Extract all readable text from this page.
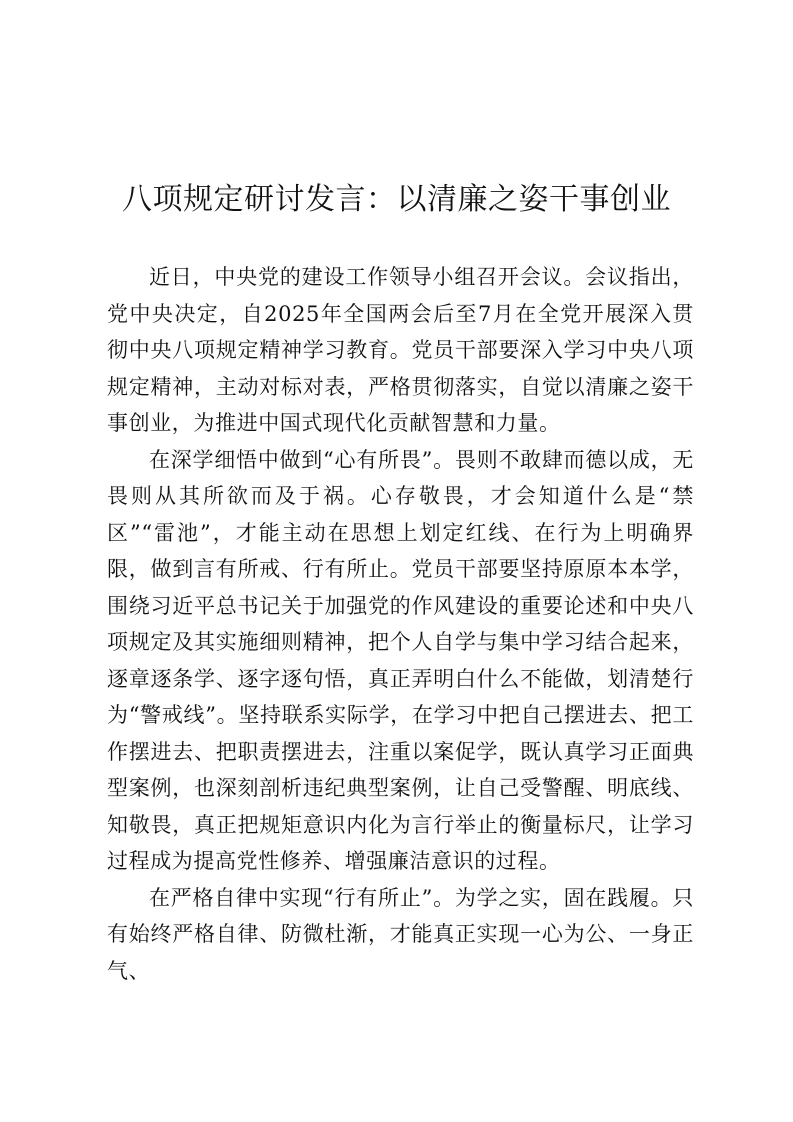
八项规定研讨发言：以清廉之姿干事创业

近日，中央党的建设工作领导小组召开会议。会议指出，党中央决定，自2025年全国两会后至7月在全党开展深入贯彻中央八项规定精神学习教育。党员干部要深入学习中央八项规定精神，主动对标对表，严格贯彻落实，自觉以清廉之姿干事创业，为推进中国式现代化贡献智慧和力量。

在深学细悟中做到“心有所畏”。畏则不敢肆而德以成，无畏则从其所欲而及于祸。心存敬畏，才会知道什么是“禁区”“雷池”，才能主动在思想上划定红线、在行为上明确界限，做到言有所戒、行有所止。党员干部要坚持原原本本学，围绕习近平总书记关于加强党的作风建设的重要论述和中央八项规定及其实施细则精神，把个人自学与集中学习结合起来，逐章逐条学、逐字逐句悟，真正弄明白什么不能做，划清楚行为“警戒线”。坚持联系实际学，在学习中把自己摆进去、把工作摆进去、把职责摆进去，注重以案促学，既认真学习正面典型案例，也深刻剖析违纪典型案例，让自己受警醒、明底线、知敬畏，真正把规矩意识内化为言行举止的衡量标尺，让学习过程成为提高党性修养、增强廉洁意识的过程。

在严格自律中实现“行有所止”。为学之实，固在践履。只有始终严格自律、防微杜渐，才能真正实现一心为公、一身正气、
